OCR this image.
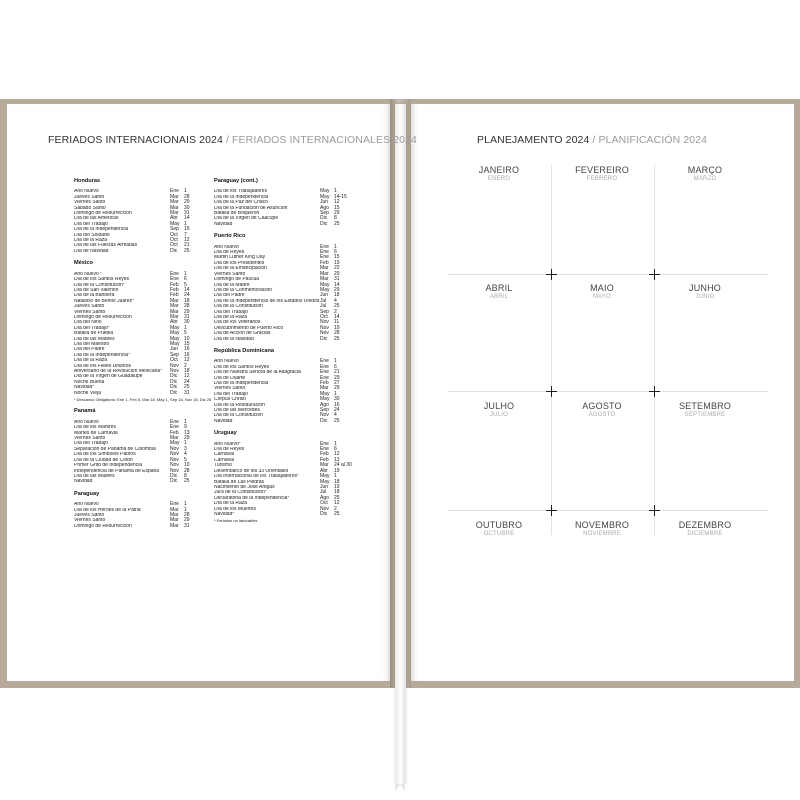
FERIADOS INTERNACIONAIS 2024 / FERIADOS INTERNACIONALES 2024
Honduras
Año Nuevo	Ene	1
Jueves Santo	Mar	28
Viernes Santo	Mar	29
Sábado Santo	Mar	30
Domingo de Resurrección	Mar	31
Día de las Américas	Abr	14
Día del Trabajo	May 1
Día de la Independencia	Sep	15
Día del Soldado	Oct	7
Día de la Raza	Oct	12
Día de las Fuerzas Armadas	Oct	21
Día de Navidad	Dic	25
México
Año Nuevo *	Ene	1
Día de los Santos Reyes	Ene	6
Día de la Constitución*	Feb	5
Día de San Valentín	Feb	14
Día de la Bandera	Feb	24
Natalicio de Benito Juárez*	Mar	18
Jueves Santo	Mar	28
Viernes Santo	Mar	29
Domingo de Resurrección	Mar	31
Día del Niño	Abr	30
Día del Trabajo*	May 1
Batalla de Puebla	May 5
Día de las Madres	May 10
Día del Maestro	May 15
Día del Padre	Jun	16
Día de la Independencia*	Sep	16
Día de la Raza	Oct	12
Día de los Fieles Difuntos	Nov	2
Aniversario de la Revolución Mexicana*	Nov	18
Día de la Virgen de Guadalupe	Dic	12
Noche Buena	Dic	24
Navidad*	Dic	25
Noche Vieja	Dic	31
* Descanso Obligatorio: Ene 1, Feb 5, Mar 18, May 1, Sep 16, Nov 18, Dic 25
Panamá
Año Nuevo	Ene	1
Día de los Mártires	Ene	9
Martes de Carnaval	Feb	13
Viernes Santo	Mar	29
Día del Trabajo	May 1
Separación de Panamá de Colombia	Nov	3
Día de los Símbolos Patrios	Nov	4
Día de la Ciudad de Colón	Nov	5
Primer Grito de Independencia	Nov	10
Independencia de Panamá de España	Nov	28
Día de las Madres	Dic	8
Navidad	Dic	25
Paraguay
Año Nuevo	Ene	1
Día de los Héroes de la Patria	Mar	1
Jueves Santo	Mar	28
Viernes Santo	Mar	29
Domingo de Resurrección	Mar	31
Paraguay (cont.)
Día de los Trabajadores	May 1
Día de la Independencia	May 14-15
Día de la Paz del Chaco	Jun	12
Día de la Fundación de Asunción	Ago	15
Batalla de Boquerón	Sep	29
Día de la Virgen de Caacupé	Dic	8
Navidad	Dic	25
Puerto Rico
Año Nuevo	Ene	1
Día de Reyes	Ene	6
Martin Luther King Day	Ene	15
Día de los Presidentes	Feb	19
Día de la Emancipación	Mar	22
Viernes Santo	Mar	29
Domingo de Pascua	Mar	31
Día de la Madre	May 14
Día de la Conmemoración	May 29
Día del Padre	Jun	18
Día de la Independencia de los Estados Unidos Jul	4
Día de la Constitución	Jul	25
Día del Trabajo	Sep	2
Día de la Raza	Oct	14
Día de los Veteranos	Nov	11
Descubrimiento de Puerto Rico	Nov	19
Día de Acción de Gracias	Nov	28
Día de la Navidad	Dic	25
República Dominicana
Año Nuevo	Ene	1
Día de los Santos Reyes	Ene	6
Día de Nuestra Señora de la Altagracia	Ene	21
Día de Duarte	Ene	29
Día de la Independencia	Feb	27
Viernes Santo	Mar	29
Día del Trabajo	May 1
Corpus Christi	May 30
Día de la Restauración	Ago	16
Día de las Mercedes	Sep	24
Día de la Constitución	Nov	4
Navidad	Dic	25
Uruguay
Año Nuevo*	Ene	1
Día de Reyes	Ene	6
Carnaval	Feb	12
Carnaval	Feb	13
Turismo	Mar	24 al 30
Desembarco de los 33 Orientales	Abr	19
Día Internacional de los Trabajadores*	May 1
Batalla de Las Piedras	May 18
Nacimiento de José Artigas	Jun	19
Jura de la Constitución*	Jul	18
Declaratoria de la Independencia*	Ago	25
Día de la Raza	Oct	12
Día de los Muertos	Nov	2
Navidad*	Dic	25
* Feriados no laborables
PLANEJAMENTO 2024 / PLANIFICACIÓN 2024
JANEIRO
ENERO
FEVEREIRO
FEBRERO
MARÇO
MARZO
ABRIL
ABRIL
MAIO
MAYO
JUNHO
JUNIO
JULHO
JULIO
AGOSTO
AGOSTO
SETEMBRO
SEPTIEMBRE
OUTUBRO
OCTUBRE
NOVEMBRO
NOVIEMBRE
DEZEMBRO
DICIEMBRE
